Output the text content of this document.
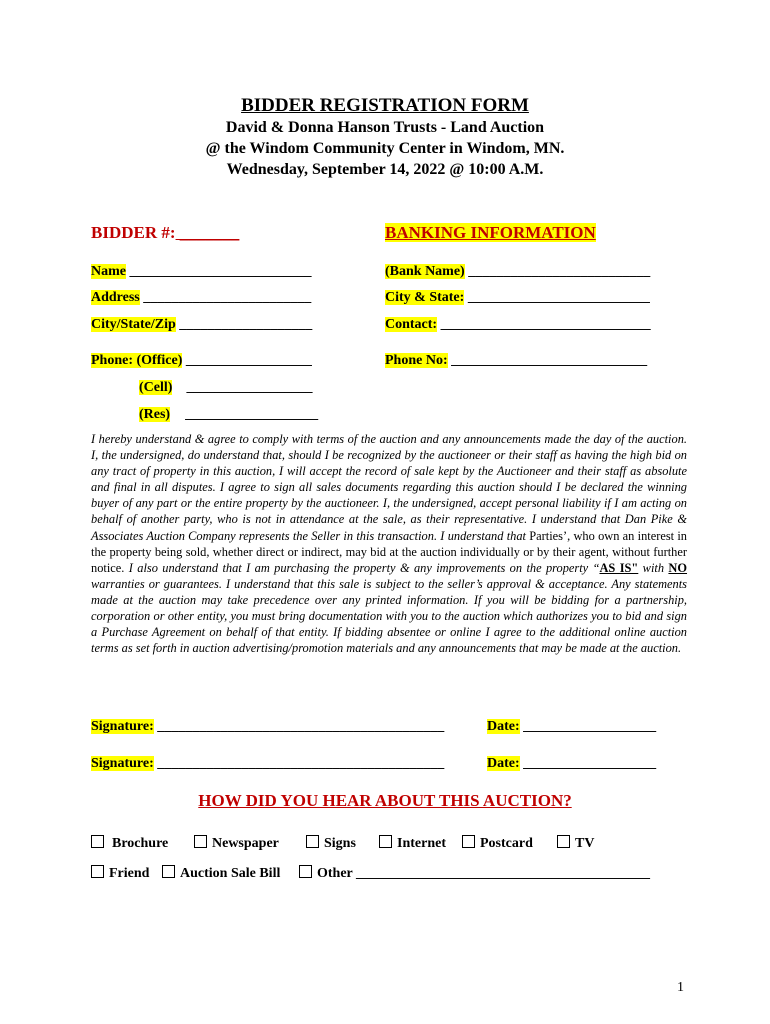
BIDDER REGISTRATION FORM
David & Donna Hanson Trusts - Land Auction
@ the Windom Community Center in Windom, MN.
Wednesday, September 14, 2022 @ 10:00 A.M.
BIDDER #: _______
Name __________________________
Address ________________________
City/State/Zip ___________________
Phone: (Office) __________________
(Cell) __________________
(Res) ___________________
BANKING INFORMATION
(Bank Name) __________________________
City & State: __________________________
Contact: ______________________________
Phone No: ____________________________
I hereby understand & agree to comply with terms of the auction and any announcements made the day of the auction. I, the undersigned, do understand that, should I be recognized by the auctioneer or their staff as having the high bid on any tract of property in this auction, I will accept the record of sale kept by the Auctioneer and their staff as absolute and final in all disputes. I agree to sign all sales documents regarding this auction should I be declared the winning buyer of any part or the entire property by the auctioneer. I, the undersigned, accept personal liability if I am acting on behalf of another party, who is not in attendance at the sale, as their representative. I understand that Dan Pike & Associates Auction Company represents the Seller in this transaction. I understand that Parties’, who own an interest in the property being sold, whether direct or indirect, may bid at the auction individually or by their agent, without further notice. I also understand that I am purchasing the property & any improvements on the property “AS IS" with NO warranties or guarantees. I understand that this sale is subject to the seller’s approval & acceptance. Any statements made at the auction may take precedence over any printed information. If you will be bidding for a partnership, corporation or other entity, you must bring documentation with you to the auction which authorizes you to bid and sign a Purchase Agreement on behalf of that entity. If bidding absentee or online I agree to the additional online auction terms as set forth in auction advertising/promotion materials and any announcements that may be made at the auction.
Signature: _________________________________________	Date: ___________________
Signature: _________________________________________	Date: ___________________
HOW DID YOU HEAR ABOUT THIS AUCTION?
Brochure	Newspaper	Signs	Internet	Postcard	TV
Friend	Auction Sale Bill	Other __________________________________________
1
